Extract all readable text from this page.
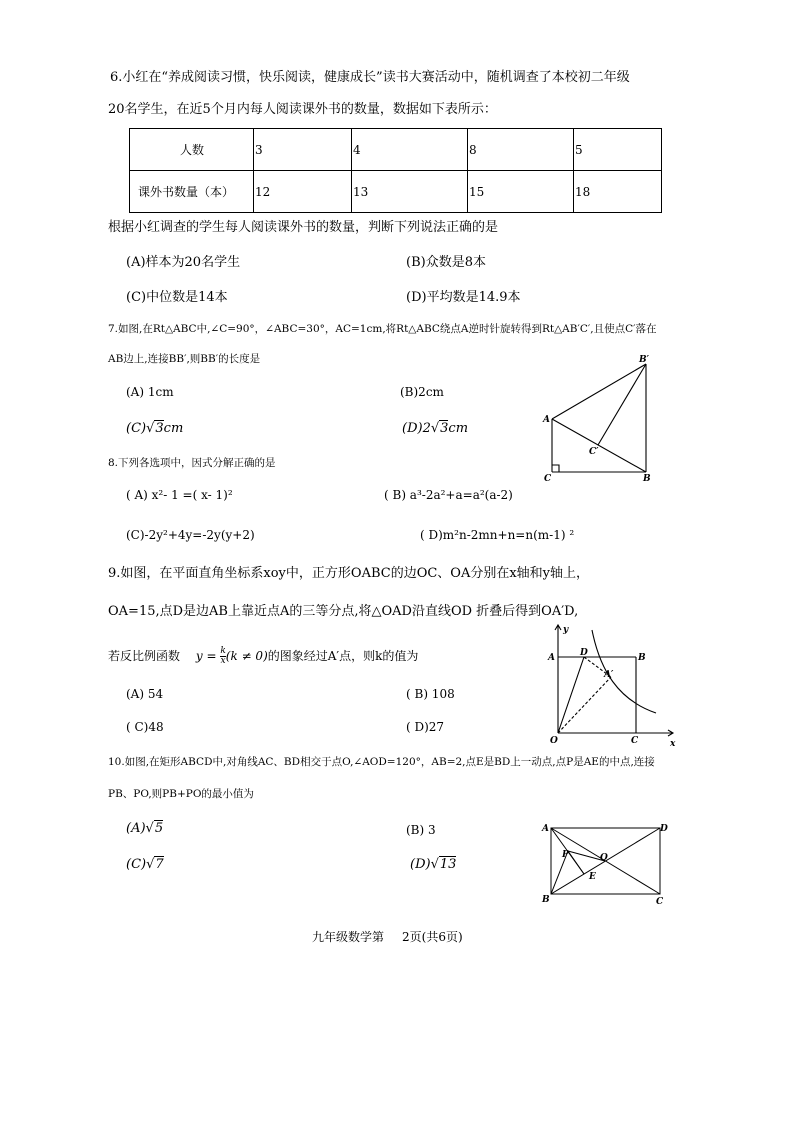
6.小红在“养成阅读习惯，快乐阅读，健康成长”读书大赛活动中，随机调查了本校初二年级
20名学生，在近5个月内每人阅读课外书的数量，数据如下表所示：
人数	3	4	8	5
课外书数量（本）	12	13	15	18
根据小红调查的学生每人阅读课外书的数量，判断下列说法正确的是
(A)样本为20名学生	(B)众数是8本
(C)中位数是14本	(D)平均数是14.9本
7.如图,在Rt△ABC中,∠C=90°，∠ABC=30°，AC=1cm,将Rt△ABC绕点A逆时针旋转得到Rt△AB′C′,且使点C′落在
AB边上,连接BB′,则BB′的长度是
(A) 1cm	(B)2cm
(C)√3cm	(D)2√3cm
A
B′
C′
C	B
8.下列各选项中，因式分解正确的是
( A) x²- 1 =( x- 1)²	( B) a³-2a²+a=a²(a-2)
(C)-2y²+4y=-2y(y+2)	( D)m²n-2mn+n=n(m-1) ²
9.如图，在平面直角坐标系xoy中，正方形OABC的边OC、OA分别在x轴和y轴上，
OA=15,点D是边AB上靠近点A的三等分点,将△OAD沿直线OD 折叠后得到OA′D,
若反比例函数 $y = \frac{k}{x} (k \ne 0)$的图象经过A′点，则k的值为
(A) 54	( B) 108
( C)48	( D)27
y
A	D	B
A′
O	C	x
10.如图,在矩形ABCD中,对角线AC、BD相交于点O,∠AOD=120°，AB=2,点E是BD上一动点,点P是AE的中点,连接
PB、PO,则PB+PO的最小值为
(A)√5	(B) 3
(C)√7	(D)√13
A	D
P	O
E
B	C
九年级数学第 2页(共6页)
